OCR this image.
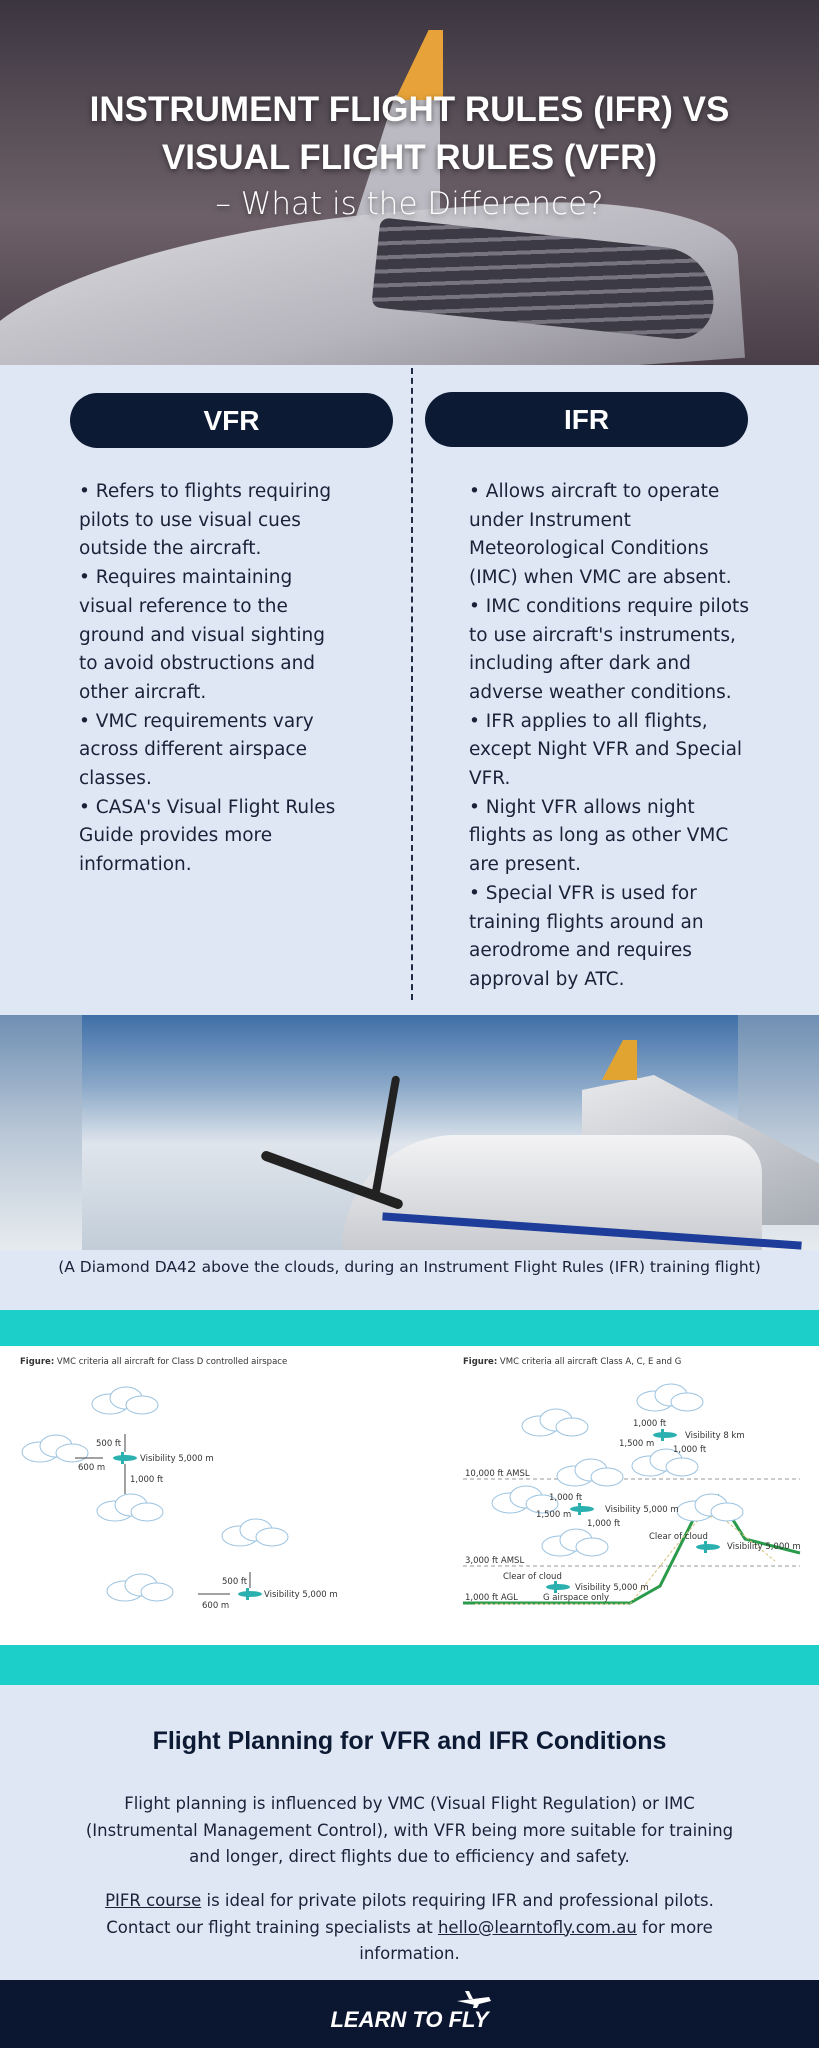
INSTRUMENT FLIGHT RULES (IFR) VS
VISUAL FLIGHT RULES (VFR)
– What is the Difference?
VFR	IFR
• Refers to flights requiring pilots to use visual cues outside the aircraft.
• Requires maintaining visual reference to the ground and visual sighting to avoid obstructions and other aircraft.
• VMC requirements vary across different airspace classes.
• CASA's Visual Flight Rules Guide provides more information.
• Allows aircraft to operate under Instrument Meteorological Conditions (IMC) when VMC are absent.
• IMC conditions require pilots to use aircraft's instruments, including after dark and adverse weather conditions.
• IFR applies to all flights, except Night VFR and Special VFR.
• Night VFR allows night flights as long as other VMC are present.
• Special VFR is used for training flights around an aerodrome and requires approval by ATC.
(A Diamond DA42 above the clouds, during an Instrument Flight Rules (IFR) training flight)
Figure: VMC criteria all aircraft for Class D controlled airspace
500 ft
600 m
Visibility 5,000 m
1,000 ft
500 ft
600 m
Visibility 5,000 m
Figure: VMC criteria all aircraft Class A, C, E and G
1,000 ft
1,500 m
Visibility 8 km
1,000 ft
10,000 ft AMSL
1,000 ft
1,500 m	Visibility 5,000 m
1,000 ft
Clear of cloud
Visibility 5,000 m
3,000 ft AMSL
Clear of cloud
Visibility 5,000 m
1,000 ft AGL	G airspace only
Flight Planning for VFR and IFR Conditions

Flight planning is influenced by VMC (Visual Flight Regulation) or IMC (Instrumental Management Control), with VFR being more suitable for training and longer, direct flights due to efficiency and safety.

PIFR course is ideal for private pilots requiring IFR and professional pilots. Contact our flight training specialists at hello@learntofly.com.au for more information.

LEARN TO FLY
